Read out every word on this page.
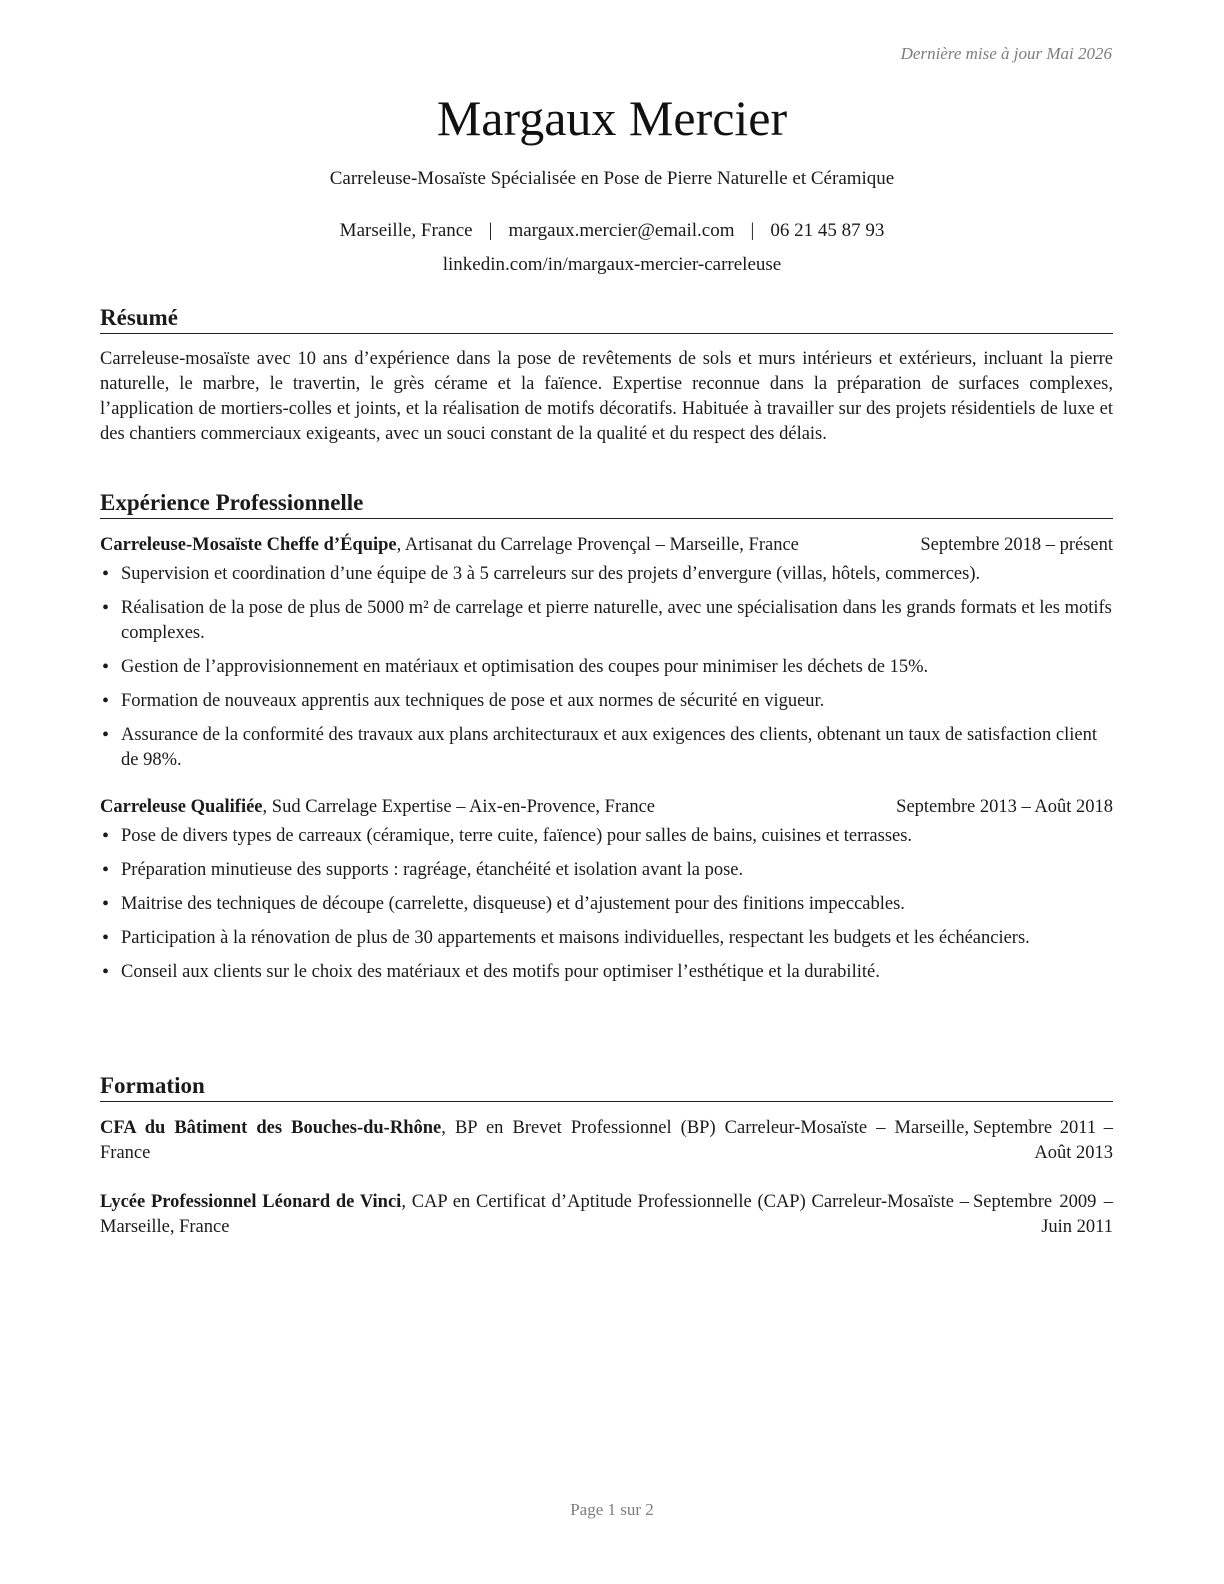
Dernière mise à jour Mai 2026
Margaux Mercier
Carreleuse-Mosaïste Spécialisée en Pose de Pierre Naturelle et Céramique
Marseille, France | margaux.mercier@email.com | 06 21 45 87 93
linkedin.com/in/margaux-mercier-carreleuse
Résumé

Carreleuse-mosaïste avec 10 ans d’expérience dans la pose de revêtements de sols et murs intérieurs et extérieurs, incluant la pierre naturelle, le marbre, le travertin, le grès cérame et la faïence. Expertise reconnue dans la préparation de surfaces complexes, l’application de mortiers-colles et joints, et la réalisation de motifs décoratifs. Habituée à travailler sur des projets résidentiels de luxe et des chantiers commerciaux exigeants, avec un souci constant de la qualité et du respect des délais.

Expérience Professionnelle
Carreleuse-Mosaïste Cheffe d’Équipe, Artisanat du Carrelage Provençal – Marseille, France	Septembre 2018 – présent
• Supervision et coordination d’une équipe de 3 à 5 carreleurs sur des projets d’envergure (villas, hôtels, commerces).
• Réalisation de la pose de plus de 5000 m² de carrelage et pierre naturelle, avec une spécialisation dans les grands formats et les motifs complexes.
• Gestion de l’approvisionnement en matériaux et optimisation des coupes pour minimiser les déchets de 15%.
• Formation de nouveaux apprentis aux techniques de pose et aux normes de sécurité en vigueur.
• Assurance de la conformité des travaux aux plans architecturaux et aux exigences des clients, obtenant un taux de satisfaction client de 98%.
Carreleuse Qualifiée, Sud Carrelage Expertise – Aix-en-Provence, France	Septembre 2013 – Août 2018
• Pose de divers types de carreaux (céramique, terre cuite, faïence) pour salles de bains, cuisines et terrasses.
• Préparation minutieuse des supports : ragréage, étanchéité et isolation avant la pose.
• Maitrise des techniques de découpe (carrelette, disqueuse) et d’ajustement pour des finitions impeccables.
• Participation à la rénovation de plus de 30 appartements et maisons individuelles, respectant les budgets et les échéanciers.
• Conseil aux clients sur le choix des matériaux et des motifs pour optimiser l’esthétique et la durabilité.
Formation
CFA du Bâtiment des Bouches-du-Rhône, BP en Brevet Professionnel (BP) Carreleur-Mosaïste – Marseille, France
Septembre 2011 – Août 2013
Lycée Professionnel Léonard de Vinci, CAP en Certificat d’Aptitude Professionnelle (CAP) Carreleur-Mosaïste – Marseille, France
Septembre 2009 – Juin 2011
Page 1 sur 2
